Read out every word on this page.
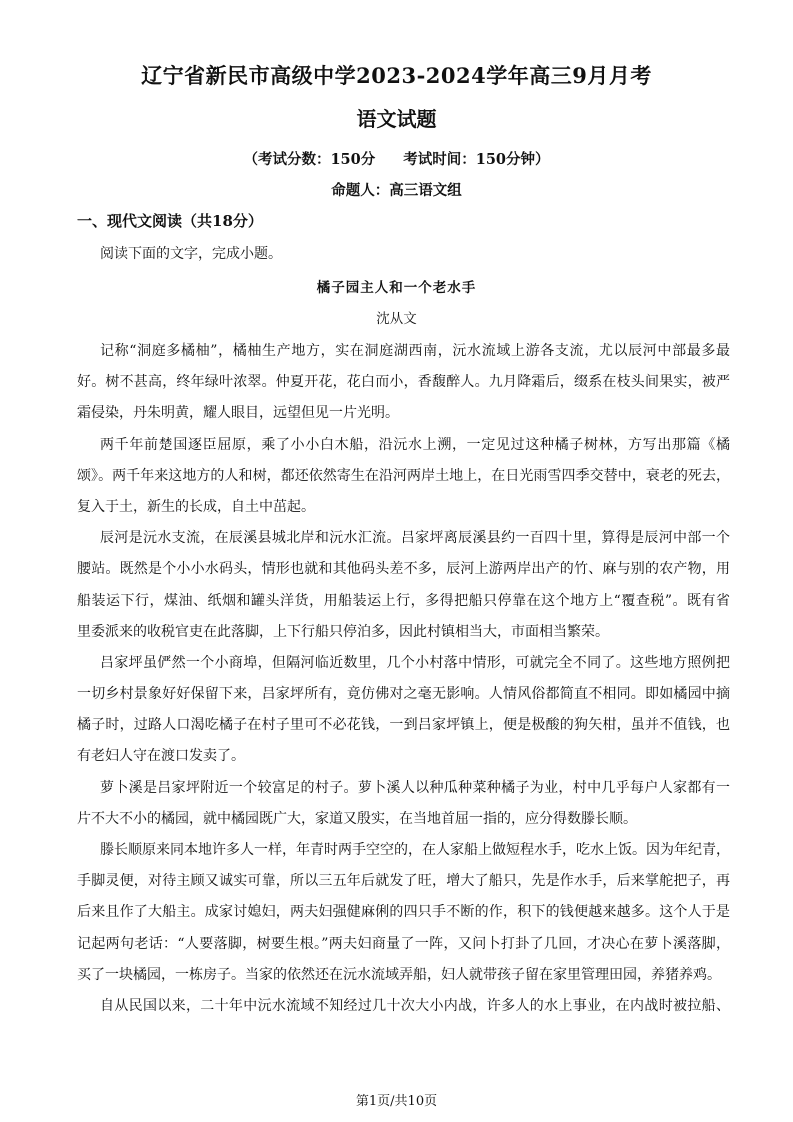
辽宁省新民市高级中学2023-2024学年高三9月月考
语文试题
（考试分数：150分 考试时间：150分钟）
命题人：高三语文组
一、现代文阅读（共18分）
阅读下面的文字，完成小题。
橘子园主人和一个老水手
沈从文
记称“洞庭多橘柚”，橘柚生产地方，实在洞庭湖西南，沅水流域上游各支流，尤以辰河中部最多最
好。树不甚高，终年绿叶浓翠。仲夏开花，花白而小，香馥醉人。九月降霜后，缀系在枝头间果实，被严
霜侵染，丹朱明黄，耀人眼目，远望但见一片光明。
两千年前楚国逐臣屈原，乘了小小白木船，沿沅水上溯，一定见过这种橘子树林，方写出那篇《橘
颂》。两千年来这地方的人和树，都还依然寄生在沿河两岸土地上，在日光雨雪四季交替中，衰老的死去，
复入于土，新生的长成，自土中茁起。
辰河是沅水支流，在辰溪县城北岸和沅水汇流。吕家坪离辰溪县约一百四十里，算得是辰河中部一个
腰站。既然是个小小水码头，情形也就和其他码头差不多，辰河上游两岸出产的竹、麻与别的农产物，用
船装运下行，煤油、纸烟和罐头洋货，用船装运上行，多得把船只停靠在这个地方上“覆查税”。既有省
里委派来的收税官吏在此落脚，上下行船只停泊多，因此村镇相当大，市面相当繁荣。
吕家坪虽俨然一个小商埠，但隔河临近数里，几个小村落中情形，可就完全不同了。这些地方照例把
一切乡村景象好好保留下来，吕家坪所有，竟仿佛对之毫无影响。人情风俗都简直不相同。即如橘园中摘
橘子时，过路人口渴吃橘子在村子里可不必花钱，一到吕家坪镇上，便是极酸的狗矢柑，虽并不值钱，也
有老妇人守在渡口发卖了。
萝卜溪是吕家坪附近一个较富足的村子。萝卜溪人以种瓜种菜种橘子为业，村中几乎每户人家都有一
片不大不小的橘园，就中橘园既广大，家道又殷实，在当地首屈一指的，应分得数滕长顺。
滕长顺原来同本地许多人一样，年青时两手空空的，在人家船上做短程水手，吃水上饭。因为年纪青，
手脚灵便，对待主顾又诚实可靠，所以三五年后就发了旺，增大了船只，先是作水手，后来掌舵把子，再
后来且作了大船主。成家讨媳妇，两夫妇强健麻俐的四只手不断的作，积下的钱便越来越多。这个人于是
记起两句老话：“人要落脚，树要生根。”两夫妇商量了一阵，又问卜打卦了几回，才决心在萝卜溪落脚，
买了一块橘园，一栋房子。当家的依然还在沅水流域弄船，妇人就带孩子留在家里管理田园，养猪养鸡。
自从民国以来，二十年中沅水流域不知经过几十次大小内战，许多人的水上事业，在内战时被拉船、
第1页/共10页
